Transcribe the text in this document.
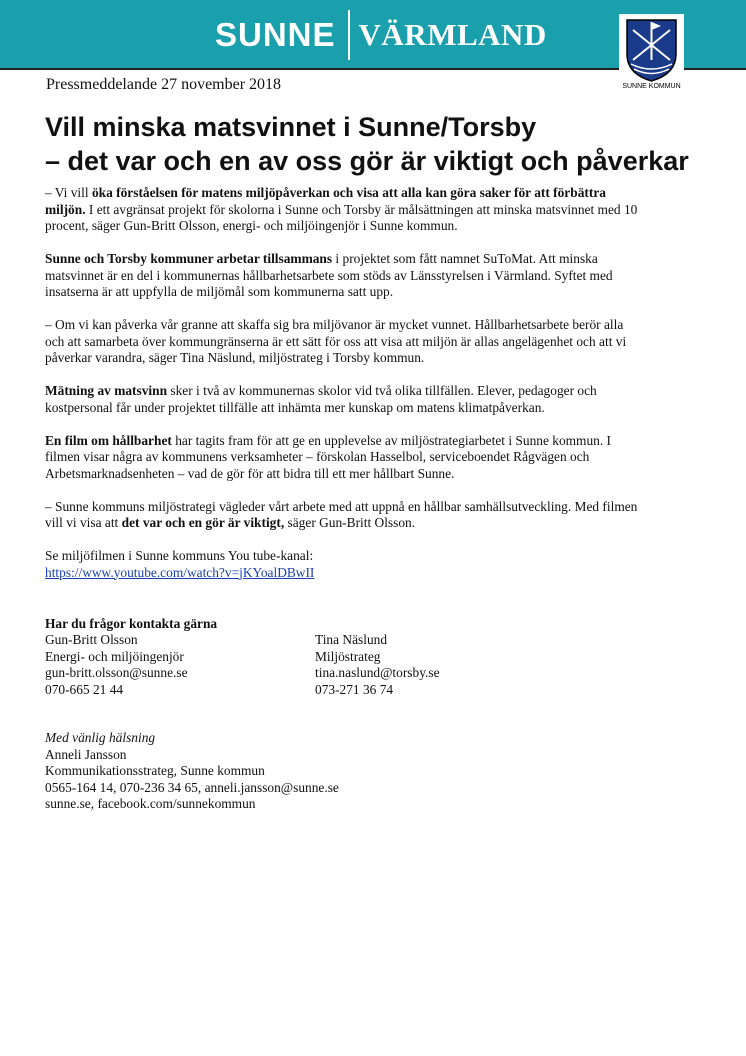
SUNNE VÄRMLAND
SUNNE KOMMUN
Pressmeddelande 27 november 2018
Vill minska matsvinnet i Sunne/Torsby
– det var och en av oss gör är viktigt och påverkar

– Vi vill öka förståelsen för matens miljöpåverkan och visa att alla kan göra saker för att förbättra miljön. I ett avgränsat projekt för skolorna i Sunne och Torsby är målsättningen att minska matsvinnet med 10 procent, säger Gun-Britt Olsson, energi- och miljöingenjör i Sunne kommun.

Sunne och Torsby kommuner arbetar tillsammans i projektet som fått namnet SuToMat. Att minska matsvinnet är en del i kommunernas hållbarhetsarbete som stöds av Länsstyrelsen i Värmland. Syftet med insatserna är att uppfylla de miljömål som kommunerna satt upp.

– Om vi kan påverka vår granne att skaffa sig bra miljövanor är mycket vunnet. Hållbarhetsarbete berör alla och att samarbeta över kommungränserna är ett sätt för oss att visa att miljön är allas angelägenhet och att vi påverkar varandra, säger Tina Näslund, miljöstrateg i Torsby kommun.

Mätning av matsvinn sker i två av kommunernas skolor vid två olika tillfällen. Elever, pedagoger och kostpersonal får under projektet tillfälle att inhämta mer kunskap om matens klimatpåverkan.

En film om hållbarhet har tagits fram för att ge en upplevelse av miljöstrategiarbetet i Sunne kommun. I filmen visar några av kommunens verksamheter – förskolan Hasselbol, serviceboendet Rågvägen och Arbetsmarknadsenheten – vad de gör för att bidra till ett mer hållbart Sunne.

– Sunne kommuns miljöstrategi vägleder vårt arbete med att uppnå en hållbar samhällsutveckling. Med filmen vill vi visa att det var och en gör är viktigt, säger Gun-Britt Olsson.

Se miljöfilmen i Sunne kommuns You tube-kanal:
https://www.youtube.com/watch?v=jKYoalDBwII

Har du frågor kontakta gärna
Gun-Britt Olsson
Energi- och miljöingenjör
gun-britt.olsson@sunne.se
070-665 21 44
Tina Näslund
Miljöstrateg
tina.naslund@torsby.se
073-271 36 74
Med vänlig hälsning
Anneli Jansson
Kommunikationsstrateg, Sunne kommun
0565-164 14, 070-236 34 65, anneli.jansson@sunne.se
sunne.se, facebook.com/sunnekommun
